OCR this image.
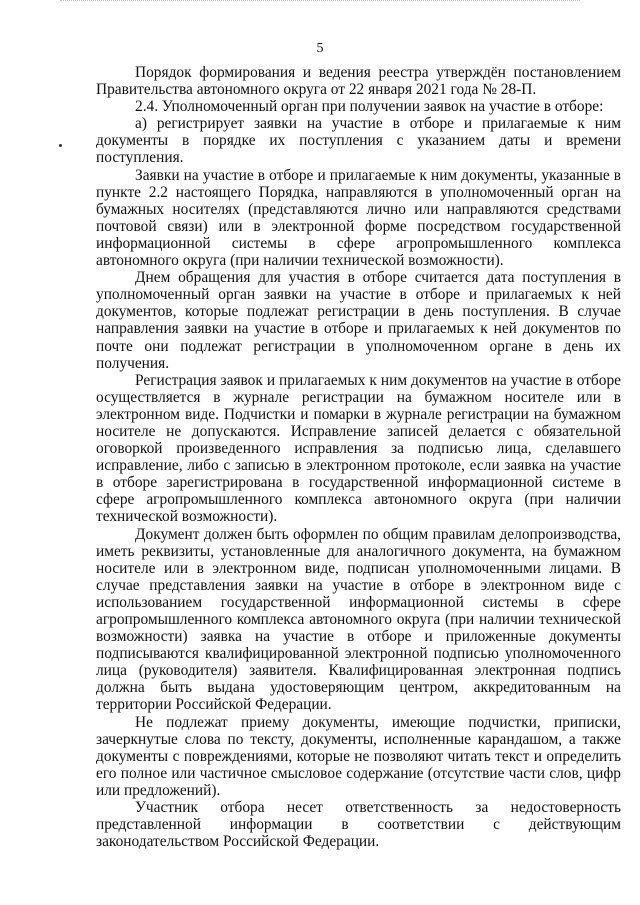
5

Порядок формирования и ведения реестра утверждён постановлением Правительства автономного округа от 22 января 2021 года № 28-П.

2.4. Уполномоченный орган при получении заявок на участие в отборе:

а) регистрирует заявки на участие в отборе и прилагаемые к ним документы в порядке их поступления с указанием даты и времени поступления.

Заявки на участие в отборе и прилагаемые к ним документы, указанные в пункте 2.2 настоящего Порядка, направляются в уполномоченный орган на бумажных носителях (представляются лично или направляются средствами почтовой связи) или в электронной форме посредством государственной информационной системы в сфере агропромышленного комплекса автономного округа (при наличии технической возможности).

Днем обращения для участия в отборе считается дата поступления в уполномоченный орган заявки на участие в отборе и прилагаемых к ней документов, которые подлежат регистрации в день поступления. В случае направления заявки на участие в отборе и прилагаемых к ней документов по почте они подлежат регистрации в уполномоченном органе в день их получения.

Регистрация заявок и прилагаемых к ним документов на участие в отборе осуществляется в журнале регистрации на бумажном носителе или в электронном виде. Подчистки и помарки в журнале регистрации на бумажном носителе не допускаются. Исправление записей делается с обязательной оговоркой произведенного исправления за подписью лица, сделавшего исправление, либо с записью в электронном протоколе, если заявка на участие в отборе зарегистрирована в государственной информационной системе в сфере агропромышленного комплекса автономного округа (при наличии технической возможности).

Документ должен быть оформлен по общим правилам делопроизводства, иметь реквизиты, установленные для аналогичного документа, на бумажном носителе или в электронном виде, подписан уполномоченными лицами. В случае представления заявки на участие в отборе в электронном виде с использованием государственной информационной системы в сфере агропромышленного комплекса автономного округа (при наличии технической возможности) заявка на участие в отборе и приложенные документы подписываются квалифицированной электронной подписью уполномоченного лица (руководителя) заявителя. Квалифицированная электронная подпись должна быть выдана удостоверяющим центром, аккредитованным на территории Российской Федерации.

Не подлежат приему документы, имеющие подчистки, приписки, зачеркнутые слова по тексту, документы, исполненные карандашом, а также документы с повреждениями, которые не позволяют читать текст и определить его полное или частичное смысловое содержание (отсутствие части слов, цифр или предложений).

Участник отбора несет ответственность за недостоверность представленной информации в соответствии с действующим законодательством Российской Федерации.
